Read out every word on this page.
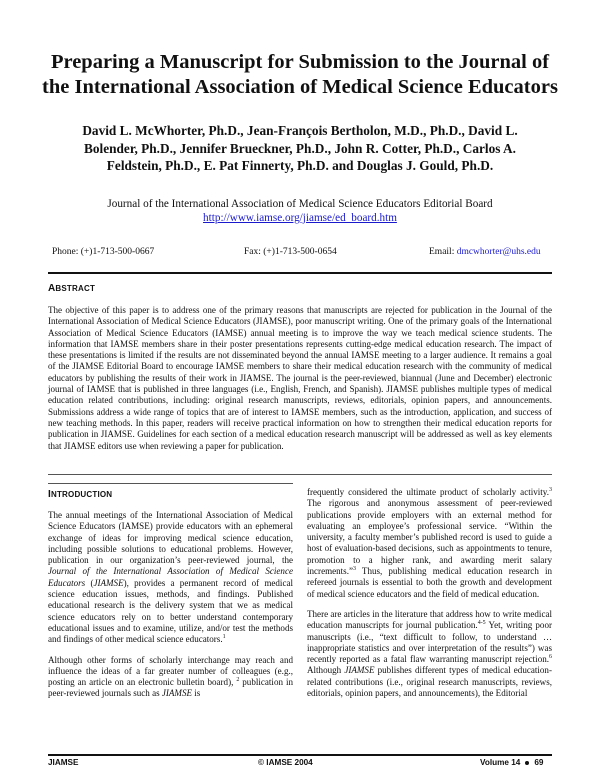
Preparing a Manuscript for Submission to the Journal of
the International Association of Medical Science Educators
David L. McWhorter, Ph.D., Jean-François Bertholon, M.D., Ph.D., David L.
Bolender, Ph.D., Jennifer Brueckner, Ph.D., John R. Cotter, Ph.D., Carlos A.
Feldstein, Ph.D., E. Pat Finnerty, Ph.D. and Douglas J. Gould, Ph.D.
Journal of the International Association of Medical Science Educators Editorial Board
http://www.iamse.org/jiamse/ed_board.htm
Phone: (+)1-713-500-0667	Fax: (+)1-713-500-0654	Email: dmcwhorter@uhs.edu
ABSTRACT
The objective of this paper is to address one of the primary reasons that manuscripts are rejected for publication in the Journal of the International Association of Medical Science Educators (JIAMSE), poor manuscript writing. One of the primary goals of the International Association of Medical Science Educators (IAMSE) annual meeting is to improve the way we teach medical science students. The information that IAMSE members share in their poster presentations represents cutting-edge medical education research. The impact of these presentations is limited if the results are not disseminated beyond the annual IAMSE meeting to a larger audience. It remains a goal of the JIAMSE Editorial Board to encourage IAMSE members to share their medical education research with the community of medical educators by publishing the results of their work in JIAMSE. The journal is the peer-reviewed, biannual (June and December) electronic journal of IAMSE that is published in three languages (i.e., English, French, and Spanish). JIAMSE publishes multiple types of medical education related contributions, including: original research manuscripts, reviews, editorials, opinion papers, and announcements. Submissions address a wide range of topics that are of interest to IAMSE members, such as the introduction, application, and success of new teaching methods. In this paper, readers will receive practical information on how to strengthen their medical education reports for publication in JIAMSE. Guidelines for each section of a medical education research manuscript will be addressed as well as key elements that JIAMSE editors use when reviewing a paper for publication.
INTRODUCTION

The annual meetings of the International Association of Medical Science Educators (IAMSE) provide educators with an ephemeral exchange of ideas for improving medical science education, including possible solutions to educational problems. However, publication in our organization’s peer-reviewed journal, the Journal of the International Association of Medical Science Educators (JIAMSE), provides a permanent record of medical science education issues, methods, and findings. Published educational research is the delivery system that we as medical science educators rely on to better understand contemporary educational issues and to examine, utilize, and/or test the methods and findings of other medical science educators.$^1$

Although other forms of scholarly interchange may reach and influence the ideas of a far greater number of colleagues (e.g., posting an article on an electronic bulletin board), $^2$ publication in peer-reviewed journals such as JIAMSE is

frequently considered the ultimate product of scholarly activity.$^3$ The rigorous and anonymous assessment of peer-reviewed publications provide employers with an external method for evaluating an employee’s professional service. “Within the university, a faculty member’s published record is used to guide a host of evaluation-based decisions, such as appointments to tenure, promotion to a higher rank, and awarding merit salary increments.”$^3$ Thus, publishing medical education research in refereed journals is essential to both the growth and development of medical science educators and the field of medical education.

There are articles in the literature that address how to write medical education manuscripts for journal publication.$^{4-5}$ Yet, writing poor manuscripts (i.e., “text difficult to follow, to understand … inappropriate statistics and over interpretation of the results”) was recently reported as a fatal flaw warranting manuscript rejection.$^6$ Although JIAMSE publishes different types of medical education-related contributions (i.e., original research manuscripts, reviews, editorials, opinion papers, and announcements), the Editorial

JIAMSE	© IAMSE 2004	Volume 14 69
